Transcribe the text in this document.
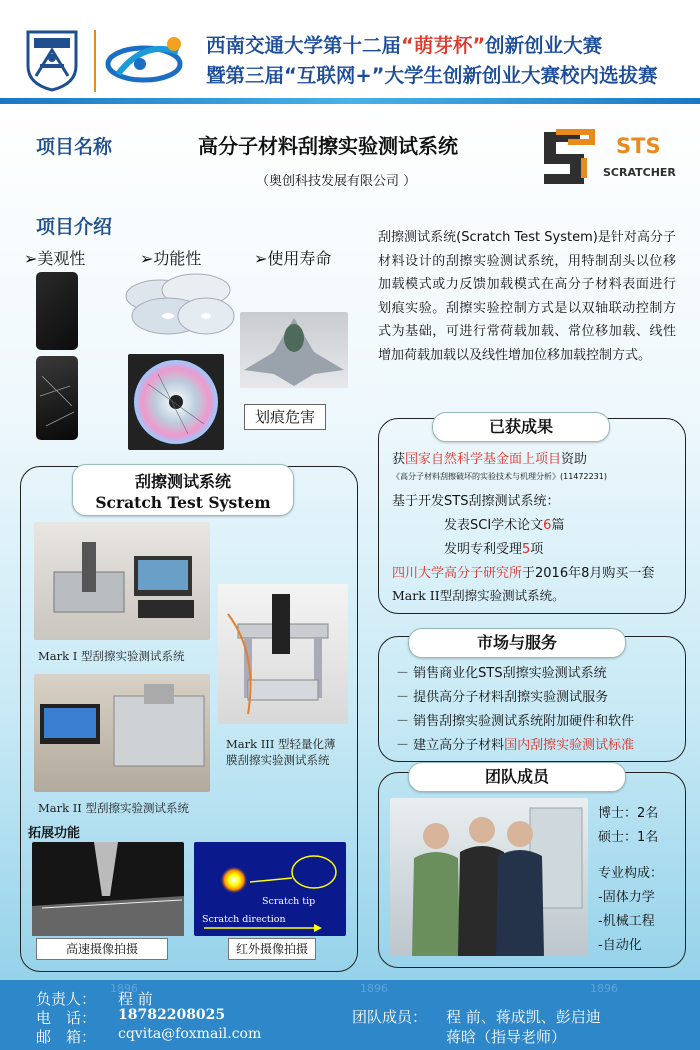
西南交通大学第十二届“萌芽杯”创新创业大赛
暨第三届“互联网+”大学生创新创业大赛校内选拔赛
项目名称	高分子材料刮擦实验测试系统
（奥创科技发展有限公司 ）
STS
SCRATCHER
项目介绍
➢美观性	➢功能性	➢使用寿命
划痕危害
刮擦测试系统(Scratch Test System)是针对高分子材料设计的刮擦实验测试系统，用特制刮头以位移加载模式或力反馈加载模式在高分子材料表面进行划痕实验。刮擦实验控制方式是以双轴联动控制方式为基础，可进行常荷载加载、常位移加载、线性增加荷载加载以及线性增加位移加载控制方式。
刮擦测试系统
Scratch Test System
Mark I 型刮擦实验测试系统
Mark III 型轻量化薄
膜刮擦实验测试系统
Mark II 型刮擦实验测试系统
拓展功能
高速摄像拍摄
Scratch tip
Scratch direction
红外摄像拍摄
已获成果
获国家自然科学基金面上项目资助
《高分子材料刮擦破坏的实验技术与机理分析》(11472231)
基于开发STS刮擦测试系统：
发表SCI学术论文6篇
发明专利受理5项
四川大学高分子研究所于2016年8月购买一套
Mark II型刮擦实验测试系统。
市场与服务
－ 销售商业化STS刮擦实验测试系统
－ 提供高分子材料刮擦实验测试服务
－ 销售刮擦实验测试系统附加硬件和软件
－ 建立高分子材料国内刮擦实验测试标准
团队成员
博士：2名
硕士：1名
专业构成：
-固体力学
-机械工程
-自动化
1896	1896	1896
负责人： 程 前
电　话： 18782208025
邮　箱： cqvita@foxmail.com
团队成员： 程 前、蒋成凯、彭启迪
蒋晗（指导老师）
